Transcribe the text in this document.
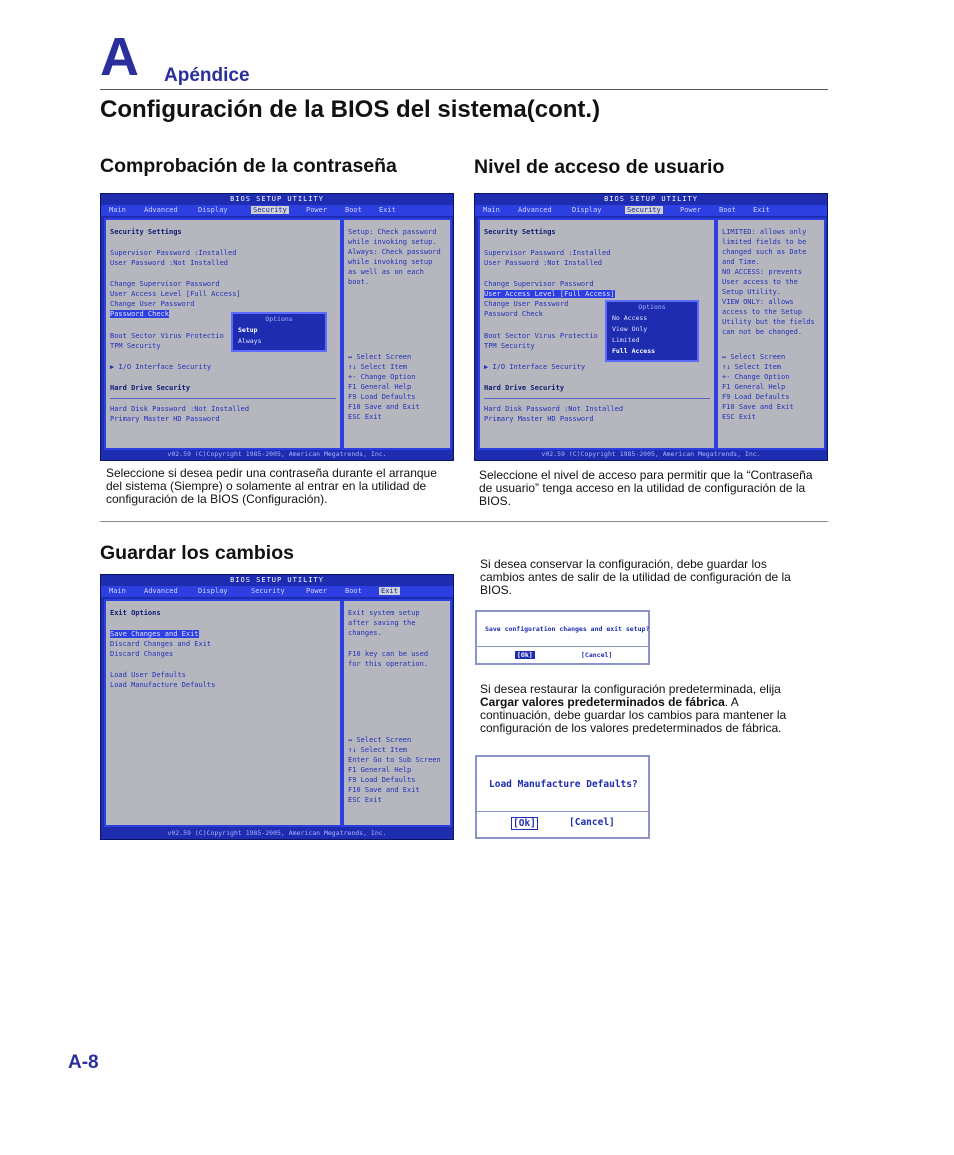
A Apéndice
Configuración de la BIOS del sistema(cont.)
Comprobación de la contraseña	Nivel de acceso de usuario
BIOS SETUP UTILITY
Main	Advanced	Display	Security	Power	Boot Exit
Security Settings
Supervisor Password :Installed
User Password :Not Installed
Change Supervisor Password
User Access Level [Full Access]
Change User Password
Password Check
Boot Sector Virus Protectio
TPM Security
▶ I/O Interface Security
Hard Drive Security
Hard Disk Password :Not Installed
Primary Master HD Password
Setup: Check password
while invoking setup.
Always: Check password
while invoking setup
as well as on each
boot.
↔ Select Screen
↑↓ Select Item
+- Change Option
F1 General Help
F9 Load Defaults
F10 Save and Exit
ESC Exit
Options
Setup
Always
v02.59 (C)Copyright 1985-2005, American Megatrends, Inc.
BIOS SETUP UTILITY
Main	Advanced	Display	Security	Power	Boot Exit
Security Settings
Supervisor Password :Installed
User Password :Not Installed
Change Supervisor Password
User Access Level [Full Access]
Change User Password
Password Check
Boot Sector Virus Protectio
TPM Security
▶ I/O Interface Security
Hard Drive Security
Hard Disk Password :Not Installed
Primary Master HD Password
LIMITED: allows only
limited fields to be
changed such as Date
and Time.
NO ACCESS: prevents
User access to the
Setup Utility.
VIEW ONLY: allows
access to the Setup
Utility but the fields
can not be changed.
↔ Select Screen
↑↓ Select Item
+- Change Option
F1 General Help
F9 Load Defaults
F10 Save and Exit
ESC Exit
Options
No Access
View Only
Limited
Full Access
v02.59 (C)Copyright 1985-2005, American Megatrends, Inc.
Seleccione si desea pedir una contraseña durante el arranque del sistema (Siempre) o solamente al entrar en la utilidad de configuración de la BIOS (Configuración).
Seleccione el nivel de acceso para permitir que la “Contraseña de usuario” tenga acceso en la utilidad de configuración de la BIOS.
Guardar los cambios
BIOS SETUP UTILITY
Main	Advanced	Display	Security	Power	Boot	Exit
Exit Options
Save Changes and Exit
Discard Changes and Exit
Discard Changes
Load User Defaults
Load Manufacture Defaults
Exit system setup
after saving the
changes.
F10 key can be used
for this operation.
↔ Select Screen
↑↓ Select Item
Enter Go to Sub Screen
F1 General Help
F9 Load Defaults
F10 Save and Exit
ESC Exit
v02.59 (C)Copyright 1985-2005, American Megatrends, Inc.
Si desea conservar la configuración, debe guardar los cambios antes de salir de la utilidad de configuración de la BIOS.
Save configuration changes and exit setup?
[Ok]	[Cancel]
Si desea restaurar la configuración predeterminada, elija Cargar valores predeterminados de fábrica. A continuación, debe guardar los cambios para mantener la configuración de los valores predeterminados de fábrica.
Load Manufacture Defaults?
[Ok]	[Cancel]
A-8
